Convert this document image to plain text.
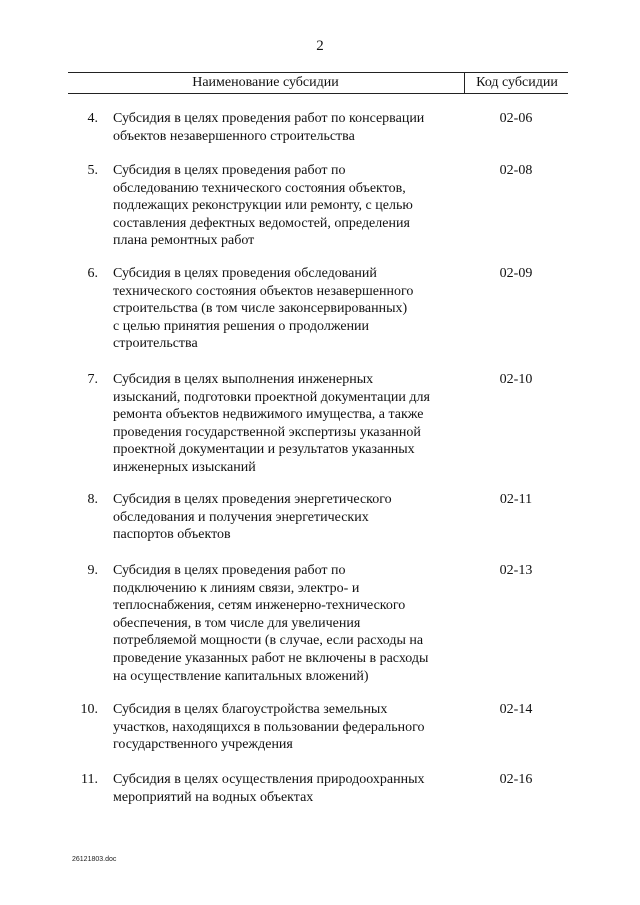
2
Наименование субсидии	Код субсидии
4. Субсидия в целях проведения работ по консервации
объектов незавершенного строительства
02-06
5. Субсидия в целях проведения работ по
обследованию технического состояния объектов,
подлежащих реконструкции или ремонту, с целью
составления дефектных ведомостей, определения
плана ремонтных работ
02-08
6. Субсидия в целях проведения обследований
технического состояния объектов незавершенного
строительства (в том числе законсервированных)
с целью принятия решения о продолжении
строительства
02-09
7. Субсидия в целях выполнения инженерных
изысканий, подготовки проектной документации для
ремонта объектов недвижимого имущества, а также
проведения государственной экспертизы указанной
проектной документации и результатов указанных
инженерных изысканий
02-10
8. Субсидия в целях проведения энергетического
обследования и получения энергетических
паспортов объектов
02-11
9. Субсидия в целях проведения работ по
подключению к линиям связи, электро- и
теплоснабжения, сетям инженерно-технического
обеспечения, в том числе для увеличения
потребляемой мощности (в случае, если расходы на
проведение указанных работ не включены в расходы
на осуществление капитальных вложений)
02-13
10. Субсидия в целях благоустройства земельных
участков, находящихся в пользовании федерального
государственного учреждения
02-14
11. Субсидия в целях осуществления природоохранных
мероприятий на водных объектах
02-16
26121803.doc
